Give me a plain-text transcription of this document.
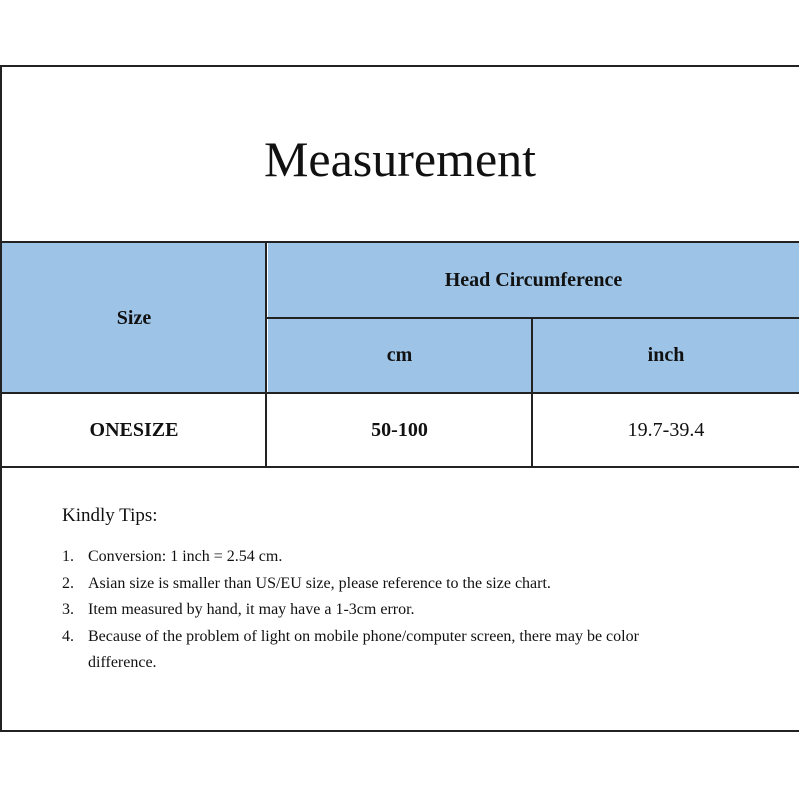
Measurement
Size
Head Circumference
cm	inch
ONESIZE	50-100	19.7-39.4
Kindly Tips:
1. Conversion: 1 inch = 2.54 cm.
2. Asian size is smaller than US/EU size, please reference to the size chart.
3. Item measured by hand, it may have a 1-3cm error.
4. Because of the problem of light on mobile phone/computer screen, there may be color difference.
